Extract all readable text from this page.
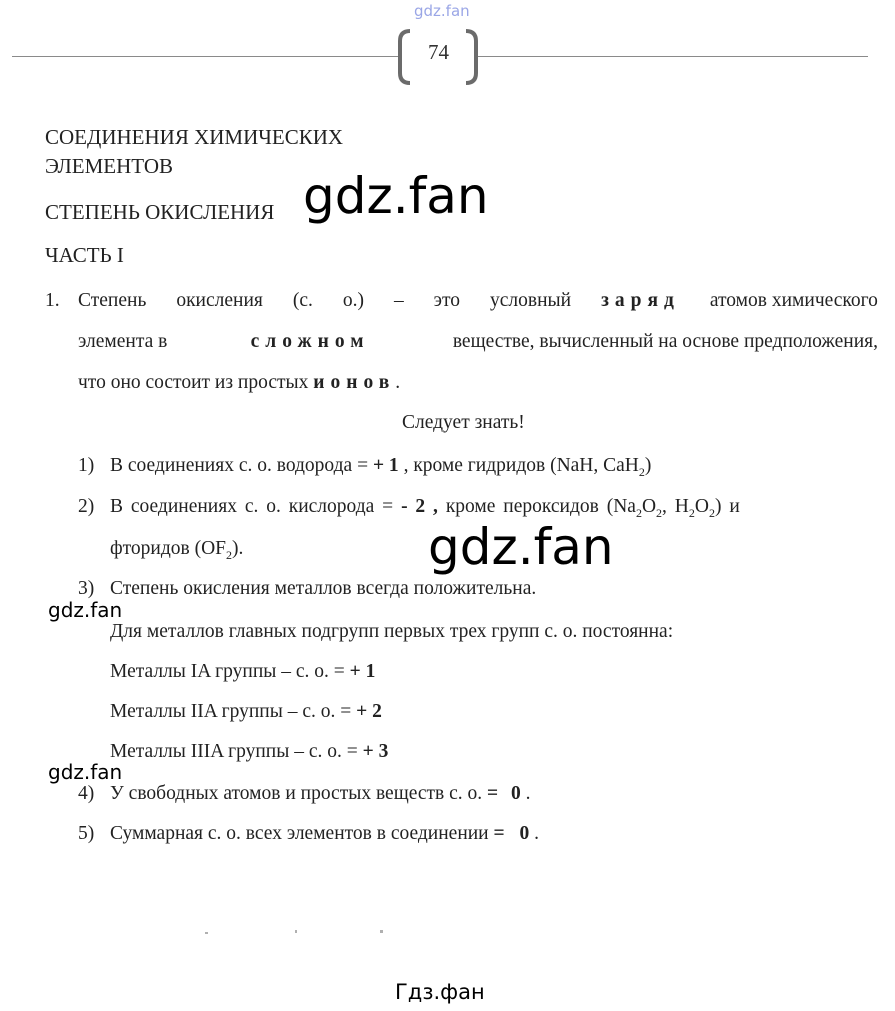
gdz.fan
74
СОЕДИНЕНИЯ ХИМИЧЕСКИХ
ЭЛЕМЕНТОВ
СТЕПЕНЬ ОКИСЛЕНИЯ
ЧАСТЬ I
gdz.fan
1. Степень окисления (с. о.) – это условный заряд атомов химического
элемента в	сложном	веществе, вычисленный на основе предположения,
что оно состоит из простых ионов.
Следует знать!
1) В соединениях с. о. водорода = + 1 , кроме гидридов (NaH, CaH$_2$)
2) В соединениях с. о. кислорода = - 2 , кроме пероксидов ($Na_2O_2$, $H_2O_2$) и
фторидов $(OF_2)$.	gdz.fan
3) Степень окисления металлов всегда положительна.
gdz.fan
Для металлов главных подгрупп первых трех групп с. о. постоянна:
Металлы IA группы – с. о. = + 1
Металлы IIA группы – с. о. = + 2
Металлы IIIA группы – с. о. = + 3
gdz.fan
4) У свободных атомов и простых веществ с. о. = 0 .
5) Суммарная с. о. всех элементов в соединении = 0 .
Гдз.фан
